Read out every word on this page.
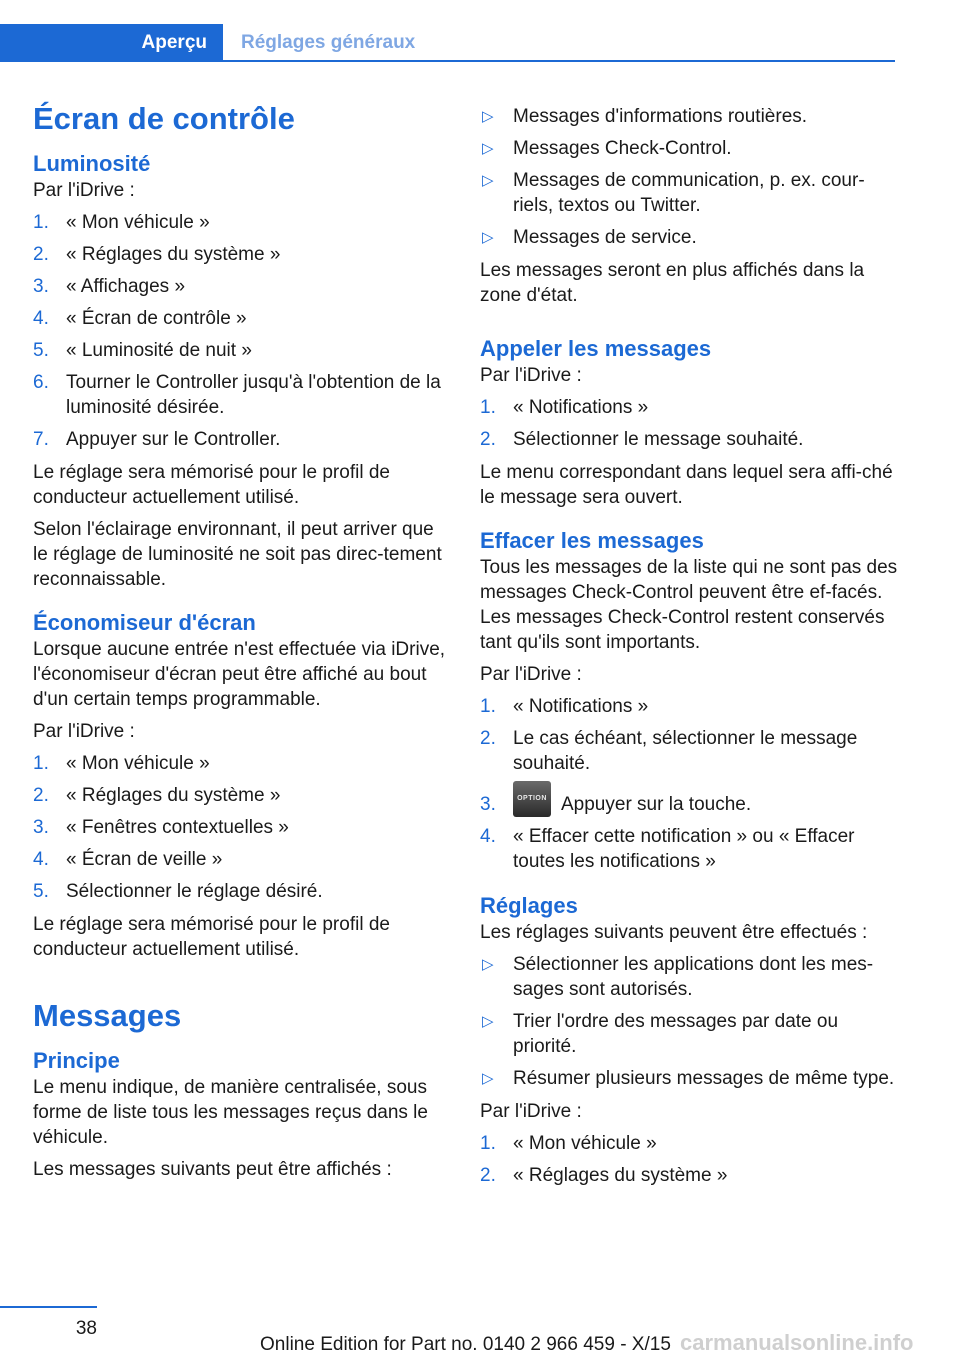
Aperçu	Réglages généraux
Écran de contrôle
Luminosité

Par l'iDrive :

1. « Mon véhicule »
2. « Réglages du système »
3. « Affichages »
4. « Écran de contrôle »
5. « Luminosité de nuit »
6. Tourner le Controller jusqu'à l'obtention de la luminosité désirée.
7. Appuyer sur le Controller.

Le réglage sera mémorisé pour le profil de conducteur actuellement utilisé.

Selon l'éclairage environnant, il peut arriver que le réglage de luminosité ne soit pas direc-tement reconnaissable.

Économiseur d'écran

Lorsque aucune entrée n'est effectuée via iDrive, l'économiseur d'écran peut être affiché au bout d'un certain temps programmable.

Par l'iDrive :

1. « Mon véhicule »
2. « Réglages du système »
3. « Fenêtres contextuelles »
4. « Écran de veille »
5. Sélectionner le réglage désiré.

Le réglage sera mémorisé pour le profil de conducteur actuellement utilisé.

Messages
Principe

Le menu indique, de manière centralisée, sous forme de liste tous les messages reçus dans le véhicule.

Les messages suivants peut être affichés :

▷ Messages d'informations routières.
▷ Messages Check-Control.
▷ Messages de communication, p. ex. cour-riels, textos ou Twitter.
▷ Messages de service.

Les messages seront en plus affichés dans la zone d'état.

Appeler les messages

Par l'iDrive :

1. « Notifications »
2. Sélectionner le message souhaité.

Le menu correspondant dans lequel sera affi-ché le message sera ouvert.

Effacer les messages

Tous les messages de la liste qui ne sont pas des messages Check-Control peuvent être ef-facés. Les messages Check-Control restent conservés tant qu'ils sont importants.

Par l'iDrive :

1. « Notifications »
2. Le cas échéant, sélectionner le message souhaité.
3.	OPTION Appuyer sur la touche.
4. « Effacer cette notification » ou « Effacer toutes les notifications »
Réglages

Les réglages suivants peuvent être effectués :

▷ Sélectionner les applications dont les mes-sages sont autorisés.
▷ Trier l'ordre des messages par date ou priorité.
▷ Résumer plusieurs messages de même type.

Par l'iDrive :

1. « Mon véhicule »
2. « Réglages du système »
38
Online Edition for Part no. 0140 2 966 459 - X/15 carmanualsonline.info
